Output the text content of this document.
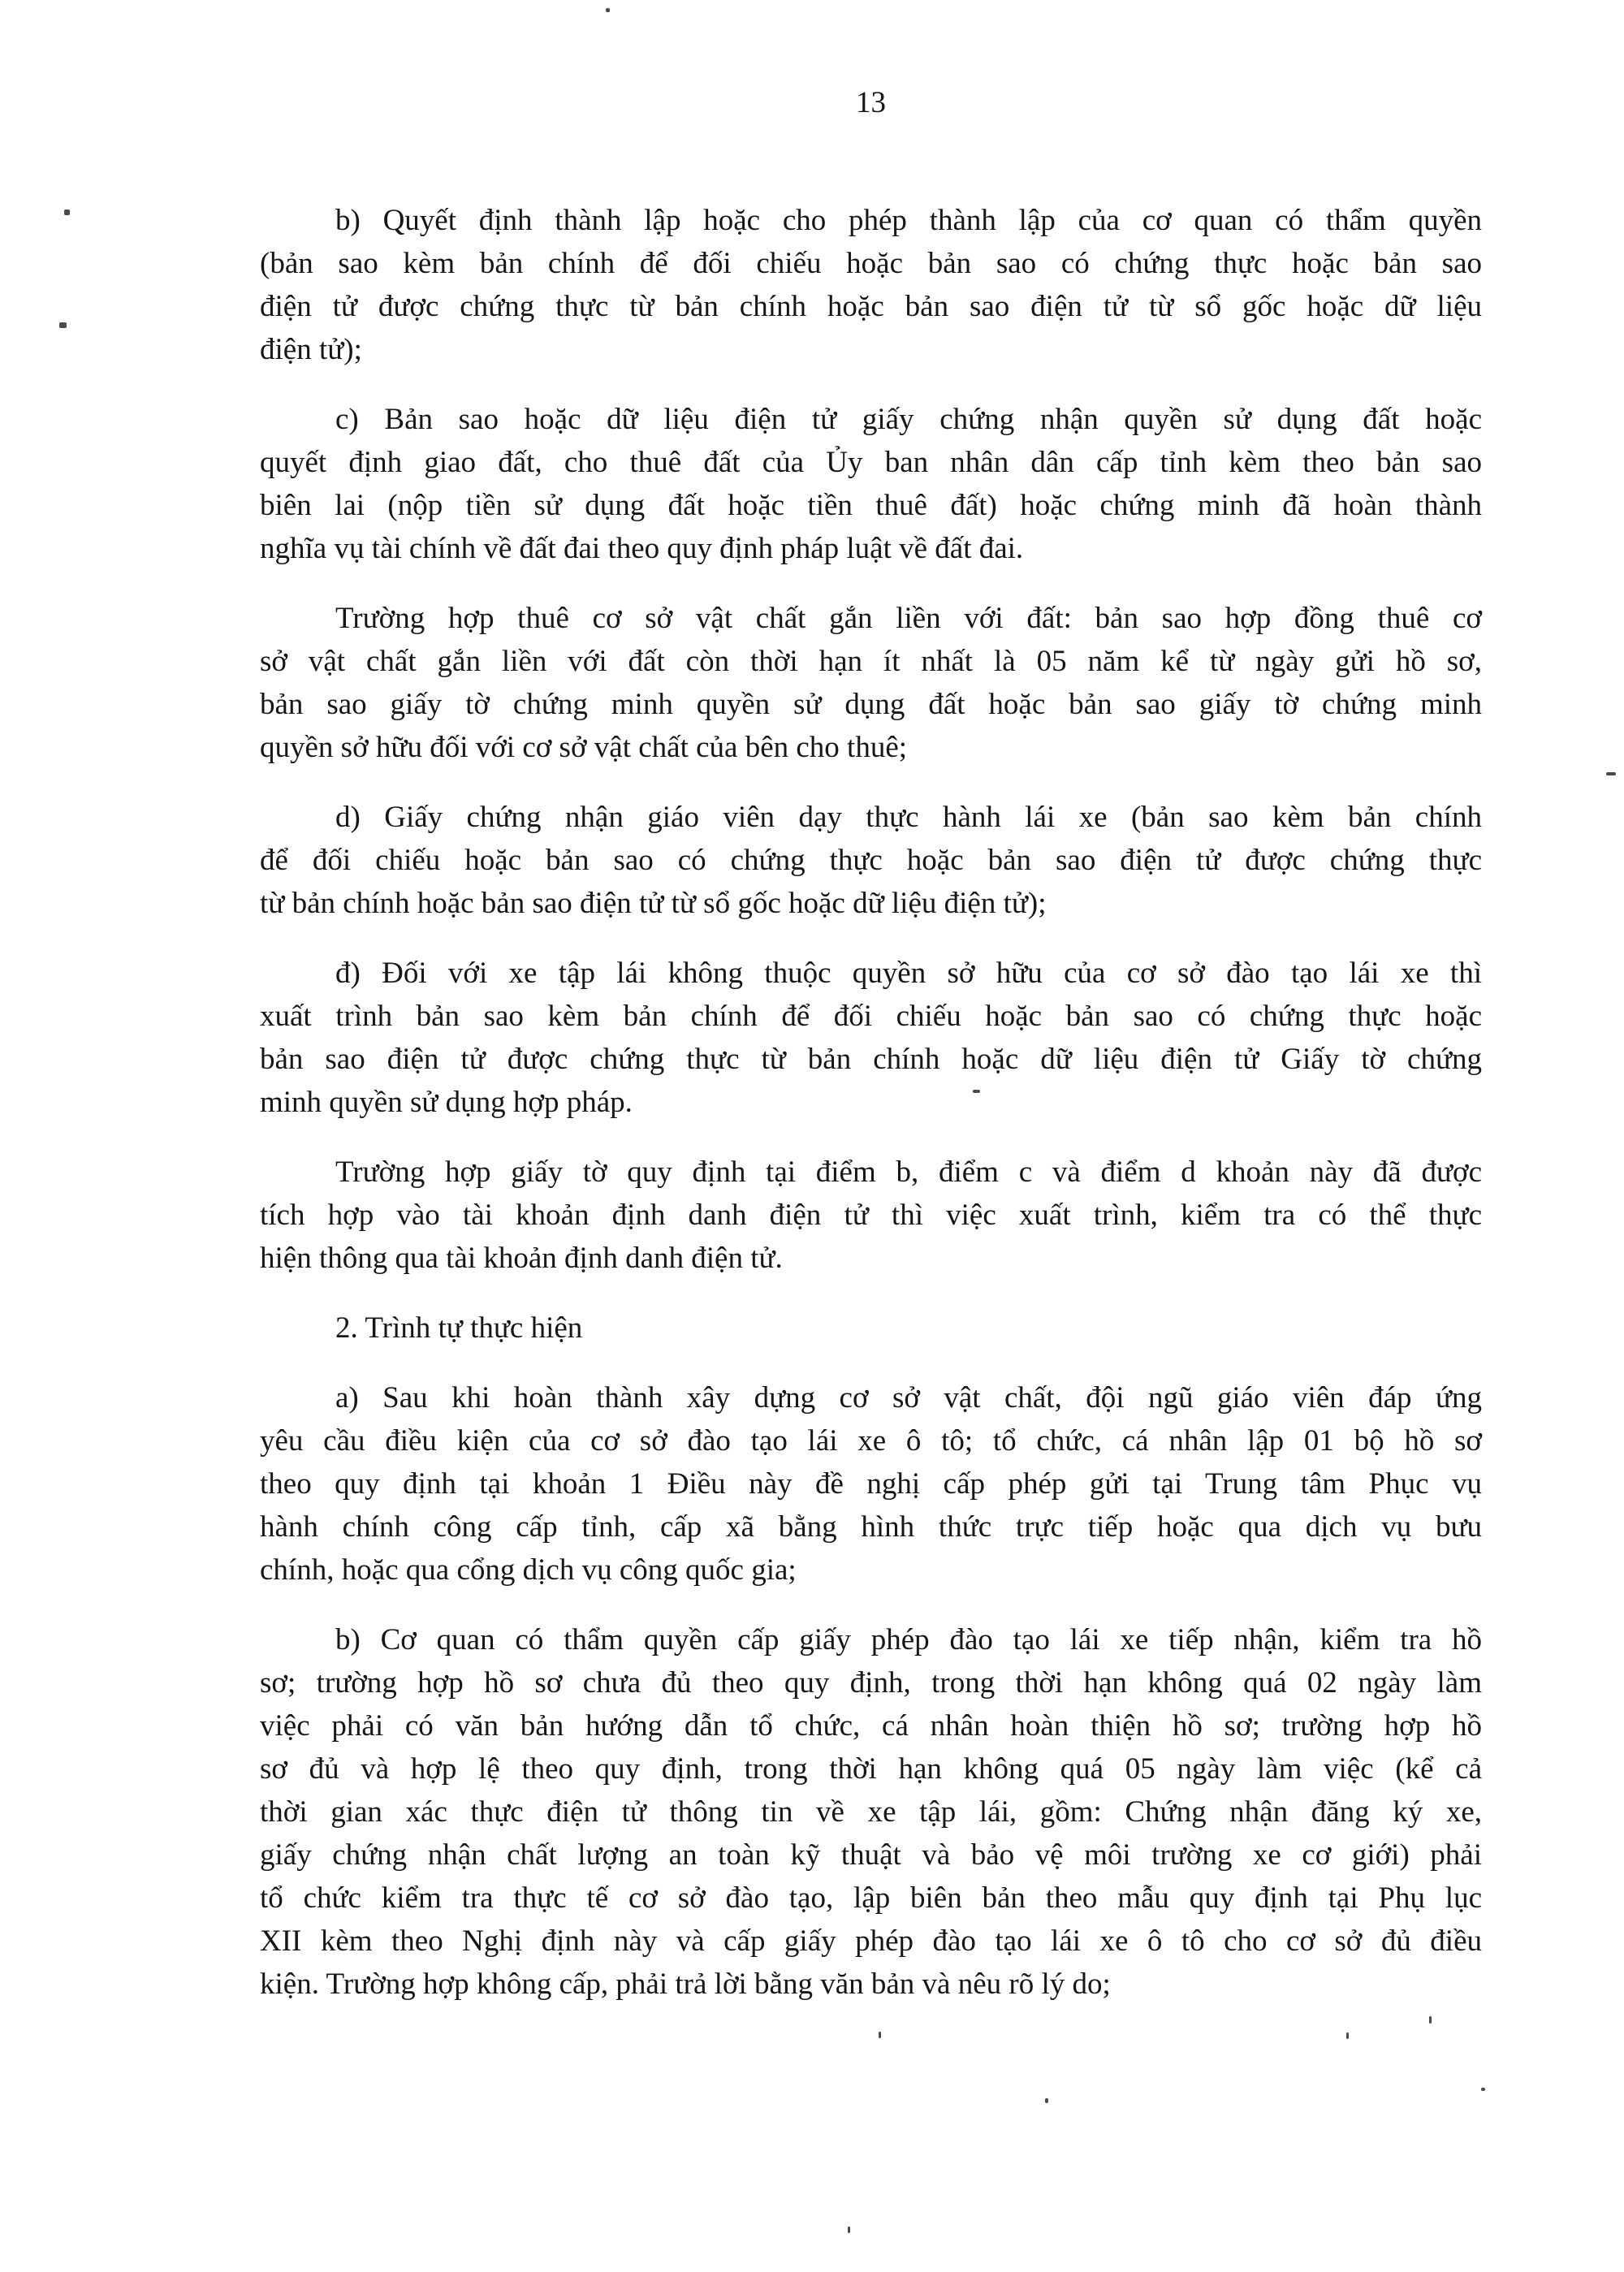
13
b) Quyết định thành lập hoặc cho phép thành lập của cơ quan có thẩm quyền
(bản sao kèm bản chính để đối chiếu hoặc bản sao có chứng thực hoặc bản sao
điện tử được chứng thực từ bản chính hoặc bản sao điện tử từ sổ gốc hoặc dữ liệu
điện tử);
c) Bản sao hoặc dữ liệu điện tử giấy chứng nhận quyền sử dụng đất hoặc
quyết định giao đất, cho thuê đất của Ủy ban nhân dân cấp tỉnh kèm theo bản sao
biên lai (nộp tiền sử dụng đất hoặc tiền thuê đất) hoặc chứng minh đã hoàn thành
nghĩa vụ tài chính về đất đai theo quy định pháp luật về đất đai.
Trường hợp thuê cơ sở vật chất gắn liền với đất: bản sao hợp đồng thuê cơ
sở vật chất gắn liền với đất còn thời hạn ít nhất là 05 năm kể từ ngày gửi hồ sơ,
bản sao giấy tờ chứng minh quyền sử dụng đất hoặc bản sao giấy tờ chứng minh
quyền sở hữu đối với cơ sở vật chất của bên cho thuê;
d) Giấy chứng nhận giáo viên dạy thực hành lái xe (bản sao kèm bản chính
để đối chiếu hoặc bản sao có chứng thực hoặc bản sao điện tử được chứng thực
từ bản chính hoặc bản sao điện tử từ sổ gốc hoặc dữ liệu điện tử);
đ) Đối với xe tập lái không thuộc quyền sở hữu của cơ sở đào tạo lái xe thì
xuất trình bản sao kèm bản chính để đối chiếu hoặc bản sao có chứng thực hoặc
bản sao điện tử được chứng thực từ bản chính hoặc dữ liệu điện tử Giấy tờ chứng
minh quyền sử dụng hợp pháp.
Trường hợp giấy tờ quy định tại điểm b, điểm c và điểm d khoản này đã được
tích hợp vào tài khoản định danh điện tử thì việc xuất trình, kiểm tra có thể thực
hiện thông qua tài khoản định danh điện tử.
2. Trình tự thực hiện
a) Sau khi hoàn thành xây dựng cơ sở vật chất, đội ngũ giáo viên đáp ứng
yêu cầu điều kiện của cơ sở đào tạo lái xe ô tô; tổ chức, cá nhân lập 01 bộ hồ sơ
theo quy định tại khoản 1 Điều này đề nghị cấp phép gửi tại Trung tâm Phục vụ
hành chính công cấp tỉnh, cấp xã bằng hình thức trực tiếp hoặc qua dịch vụ bưu
chính, hoặc qua cổng dịch vụ công quốc gia;
b) Cơ quan có thẩm quyền cấp giấy phép đào tạo lái xe tiếp nhận, kiểm tra hồ
sơ; trường hợp hồ sơ chưa đủ theo quy định, trong thời hạn không quá 02 ngày làm
việc phải có văn bản hướng dẫn tổ chức, cá nhân hoàn thiện hồ sơ; trường hợp hồ
sơ đủ và hợp lệ theo quy định, trong thời hạn không quá 05 ngày làm việc (kể cả
thời gian xác thực điện tử thông tin về xe tập lái, gồm: Chứng nhận đăng ký xe,
giấy chứng nhận chất lượng an toàn kỹ thuật và bảo vệ môi trường xe cơ giới) phải
tổ chức kiểm tra thực tế cơ sở đào tạo, lập biên bản theo mẫu quy định tại Phụ lục
XII kèm theo Nghị định này và cấp giấy phép đào tạo lái xe ô tô cho cơ sở đủ điều
kiện. Trường hợp không cấp, phải trả lời bằng văn bản và nêu rõ lý do;
